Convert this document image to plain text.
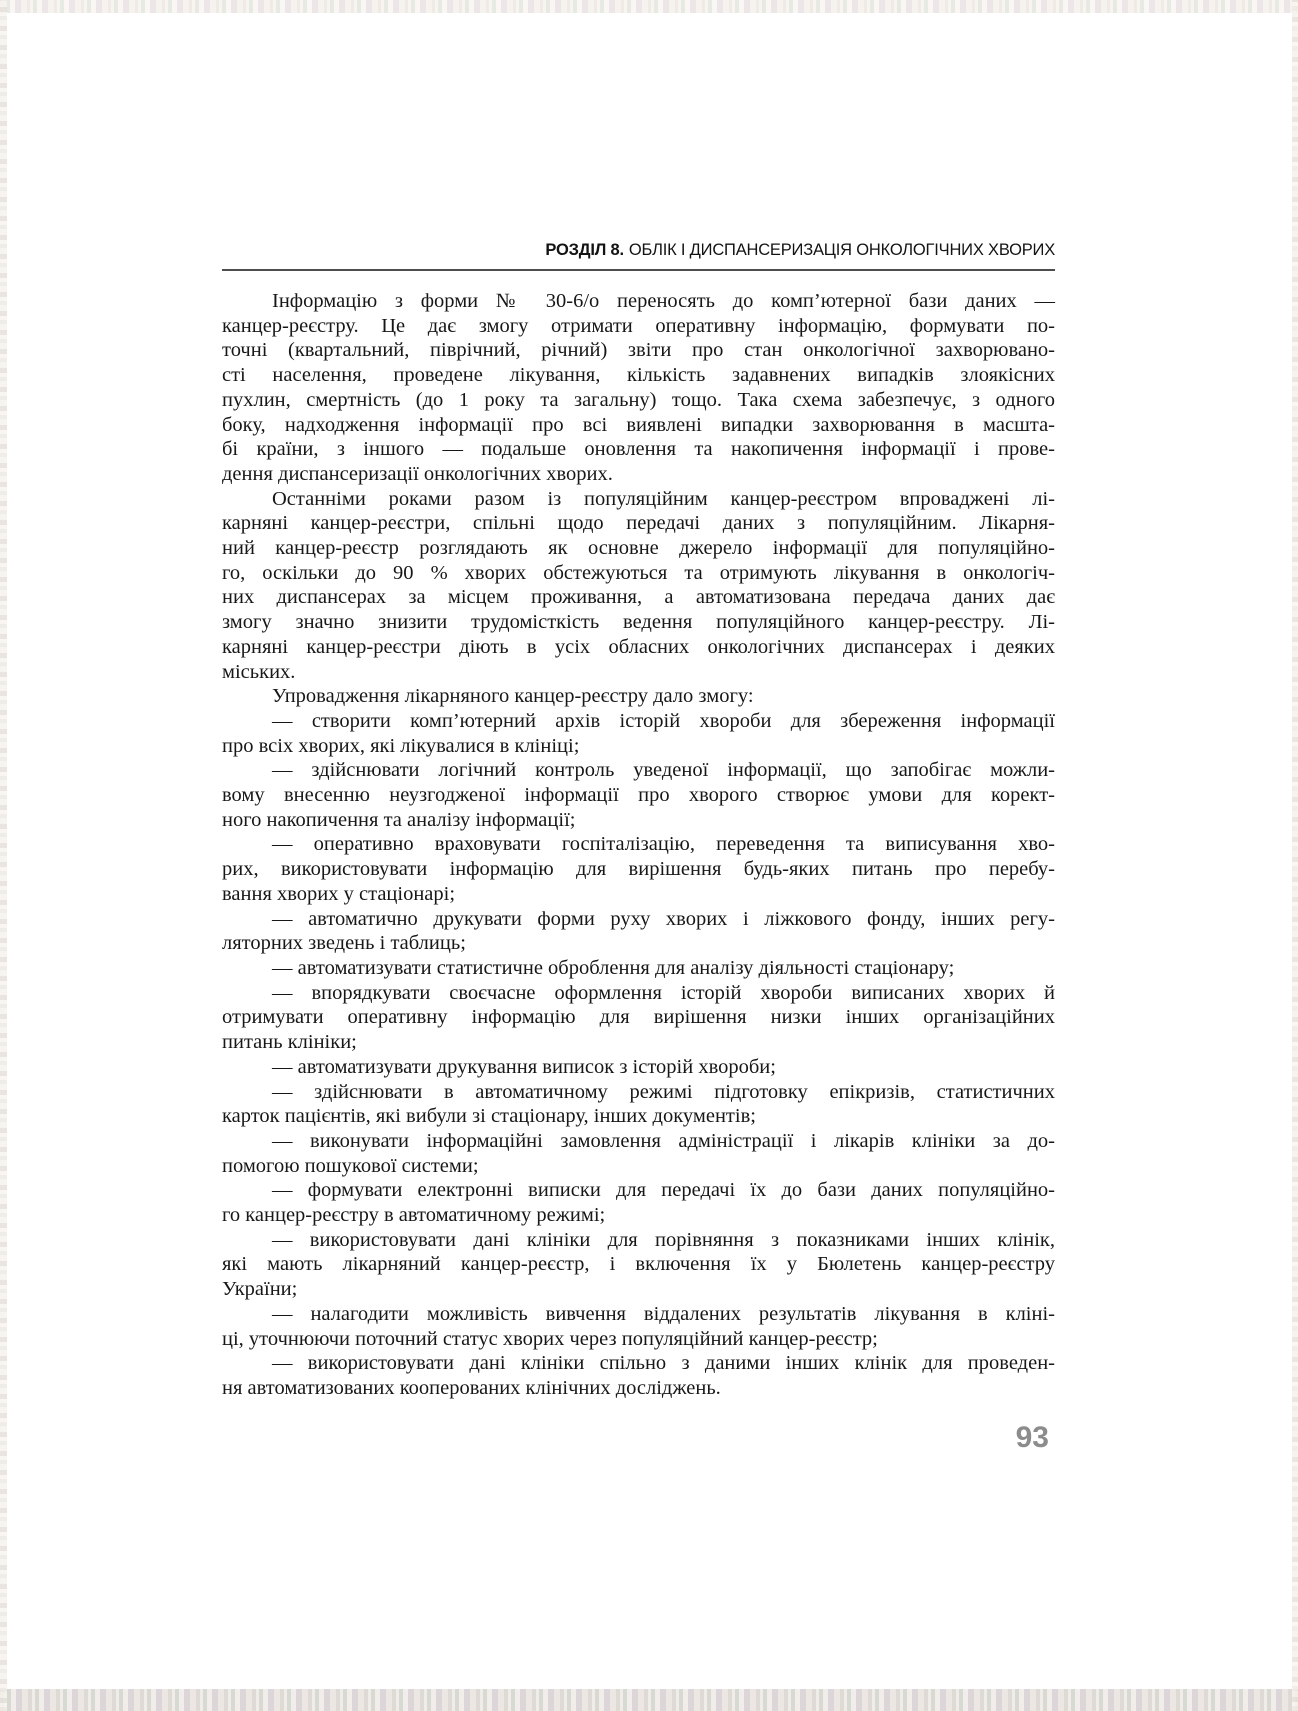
РОЗДІЛ 8. ОБЛІК І ДИСПАНСЕРИЗАЦІЯ ОНКОЛОГІЧНИХ ХВОРИХ
Інформацію з форми № 30-6/о переносять до комп’ютерної бази даних —
канцер-реєстру. Це дає змогу отримати оперативну інформацію, формувати по-
точні (квартальний, піврічний, річний) звіти про стан онкологічної захворювано-
сті населення, проведене лікування, кількість задавнених випадків злоякісних
пухлин, смертність (до 1 року та загальну) тощо. Така схема забезпечує, з одного
боку, надходження інформації про всі виявлені випадки захворювання в масшта-
бі країни, з іншого — подальше оновлення та накопичення інформації і прове-
дення диспансеризації онкологічних хворих.
Останніми роками разом із популяційним канцер-реєстром впроваджені лі-
карняні канцер-реєстри, спільні щодо передачі даних з популяційним. Лікарня-
ний канцер-реєстр розглядають як основне джерело інформації для популяційно-
го, оскільки до 90 % хворих обстежуються та отримують лікування в онкологіч-
них диспансерах за місцем проживання, а автоматизована передача даних дає
змогу значно знизити трудомісткість ведення популяційного канцер-реєстру. Лі-
карняні канцер-реєстри діють в усіх обласних онкологічних диспансерах і деяких
міських.
Упровадження лікарняного канцер-реєстру дало змогу:
— створити комп’ютерний архів історій хвороби для збереження інформації
про всіх хворих, які лікувалися в клініці;
— здійснювати логічний контроль уведеної інформації, що запобігає можли-
вому внесенню неузгодженої інформації про хворого створює умови для корект-
ного накопичення та аналізу інформації;
— оперативно враховувати госпіталізацію, переведення та виписування хво-
рих, використовувати інформацію для вирішення будь-яких питань про перебу-
вання хворих у стаціонарі;
— автоматично друкувати форми руху хворих і ліжкового фонду, інших регу-
ляторних зведень і таблиць;
— автоматизувати статистичне оброблення для аналізу діяльності стаціонару;
— впорядкувати своєчасне оформлення історій хвороби виписаних хворих й
отримувати оперативну інформацію для вирішення низки інших організаційних
питань клініки;
— автоматизувати друкування виписок з історій хвороби;
— здійснювати в автоматичному режимі підготовку епікризів, статистичних
карток пацієнтів, які вибули зі стаціонару, інших документів;
— виконувати інформаційні замовлення адміністрації і лікарів клініки за до-
помогою пошукової системи;
— формувати електронні виписки для передачі їх до бази даних популяційно-
го канцер-реєстру в автоматичному режимі;
— використовувати дані клініки для порівняння з показниками інших клінік,
які мають лікарняний канцер-реєстр, і включення їх у Бюлетень канцер-реєстру
України;
— налагодити можливість вивчення віддалених результатів лікування в кліні-
ці, уточнюючи поточний статус хворих через популяційний канцер-реєстр;
— використовувати дані клініки спільно з даними інших клінік для проведен-
ня автоматизованих кооперованих клінічних досліджень.
93
